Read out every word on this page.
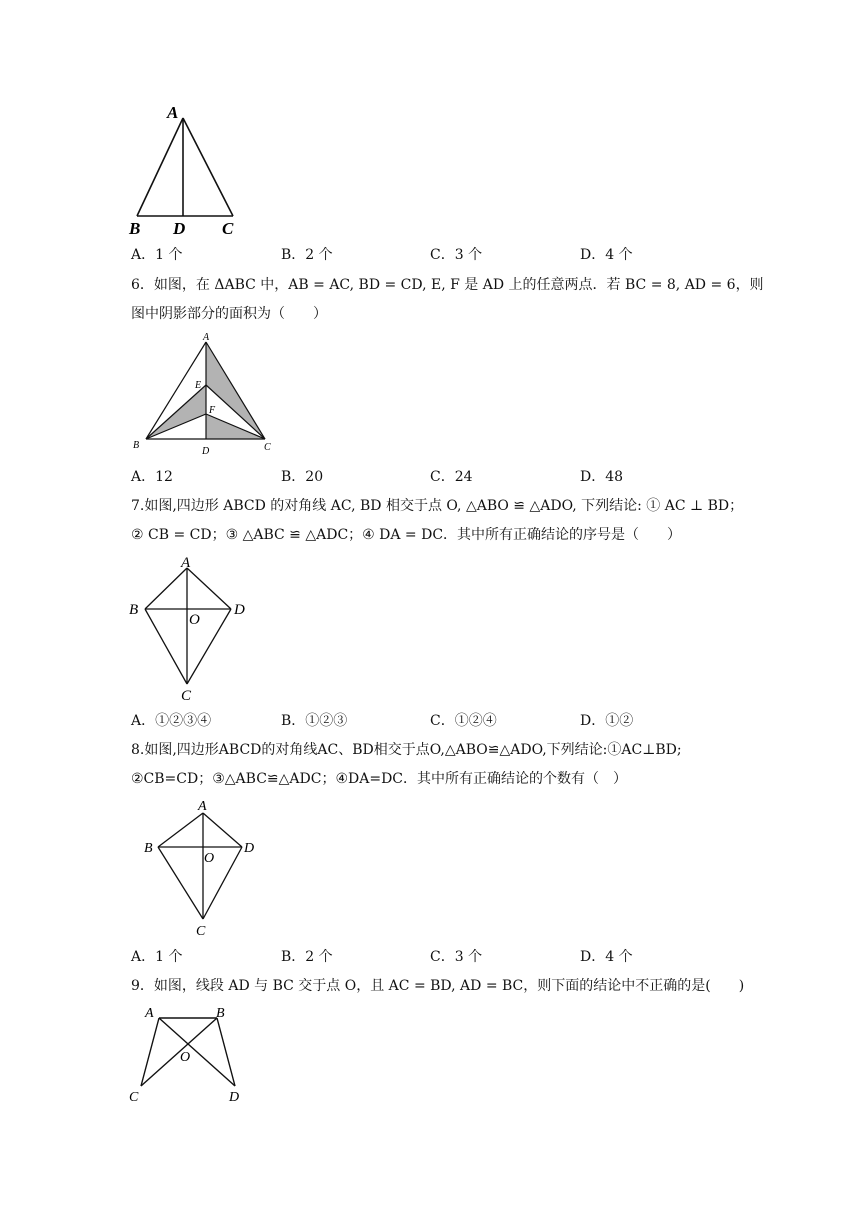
A
B D C
A．1 个	B．2 个	C．3 个	D．4 个
6．如图，在 ΔABC 中，AB = AC, BD = CD, E, F 是 AD 上的任意两点．若 BC = 8, AD = 6，则
图中阴影部分的面积为（　　）
A
E
F
B
D	C
A．12	B．20	C．24	D．48
7.如图,四边形 ABCD 的对角线 AC, BD 相交于点 O, △ABO ≌ △ADO, 下列结论: ① AC ⊥ BD；
② CB = CD；③ △ABC ≌ △ADC；④ DA = DC．其中所有正确结论的序号是（　　）
A
B	D
O
C
A．①②③④	B．①②③	C．①②④	D．①②
8.如图,四边形ABCD的对角线AC、BD相交于点O,△ABO≌△ADO,下列结论:①AC⊥BD;
②CB=CD；③△ABC≌△ADC；④DA=DC．其中所有正确结论的个数有（　）
A
B	D
O
C
A．1 个	B．2 个	C．3 个	D．4 个
9．如图，线段 AD 与 BC 交于点 O，且 AC = BD, AD = BC，则下面的结论中不正确的是(　　)
A	B
O
C	D
